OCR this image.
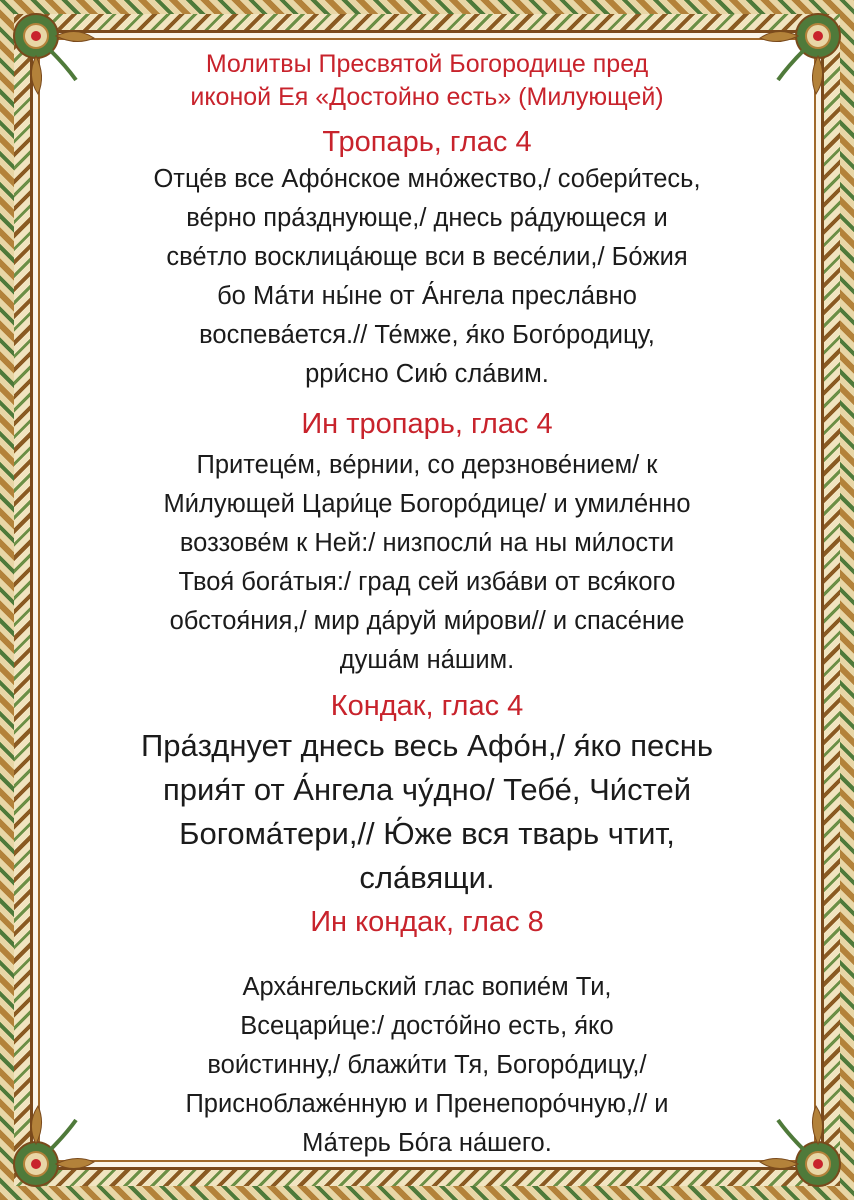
Молитвы Пресвятой Богородице пред
иконой Ея «Достойно есть» (Милующей)
Тропарь, глас 4

Отце́в все Афо́нское мно́жество,/ собери́тесь,
ве́рно пра́зднующе,/ днесь ра́дующеся и
све́тло восклица́юще вси в весе́лии,/ Бо́жия
бо Ма́ти ны́не от А́нгела пресла́вно
воспева́ется.// Те́мже, я́ко Бого́родицу,
pри́сно Сию́ сла́вим.

Ин тропарь, глас 4

Притеце́м, ве́рнии, со дерзнове́нием/ к
Ми́лующей Цари́це Богоро́дице/ и умиле́нно
воззове́м к Ней:/ низпосли́ на ны ми́лости
Твоя́ бога́тыя:/ град сей изба́ви от вся́кого
обстоя́ния,/ мир да́руй ми́рови// и спасе́ние
душа́м на́шим.

Кондак, глас 4

Пра́зднует днесь весь Афо́н,/ я́ко песнь
прия́т от А́нгела чу́дно/ Тебе́, Чи́стей
Богома́тери,// Ю́же вся тварь чтит,
сла́вящи.

Ин кондак, глас 8

Арха́нгельский глас вопие́м Ти,
Всецари́це:/ досто́йно есть, я́ко
вои́стинну,/ блажи́ти Тя, Богоро́дицу,/
Присноблаже́нную и Пренепоро́чную,// и
Ма́терь Бо́га на́шего.
